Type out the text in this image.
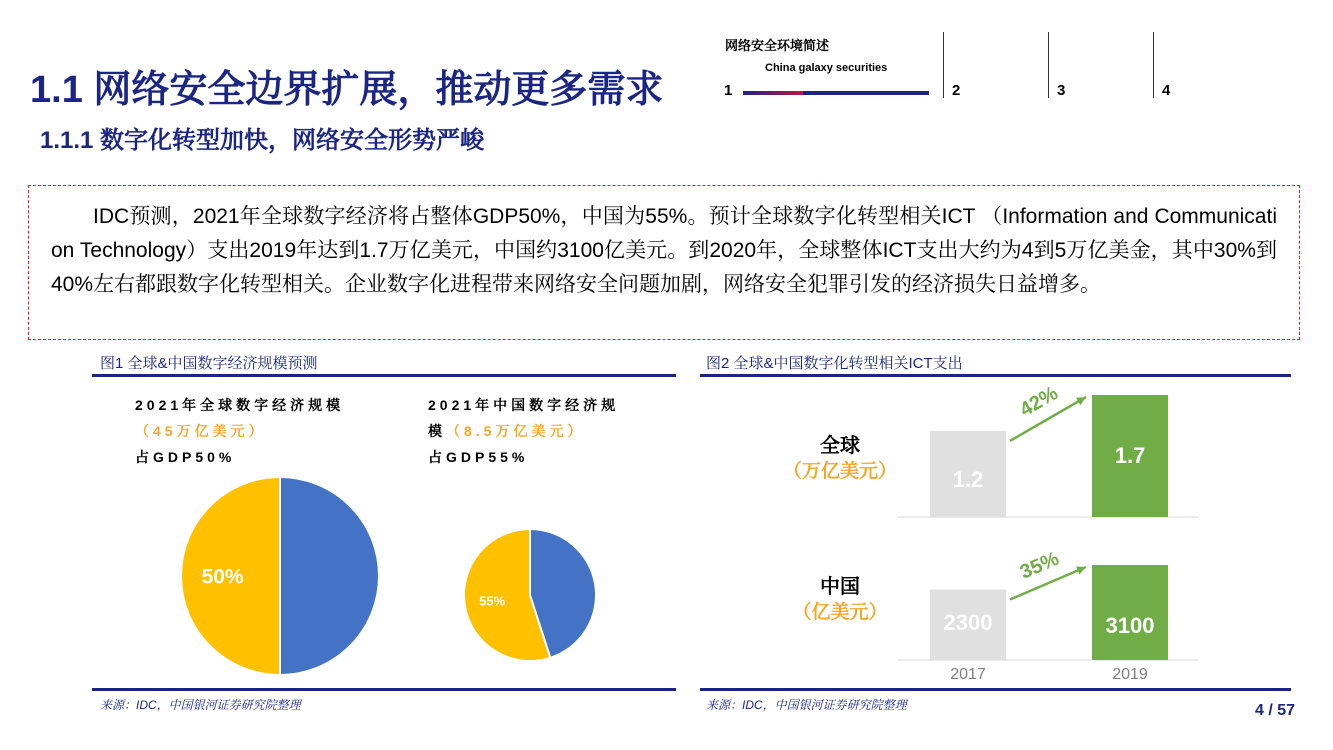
1.1 网络安全边界扩展，推动更多需求
1.1.1 数字化转型加快，网络安全形势严峻
网络安全环境简述
China galaxy securities
1	2	3	4

IDC预测，2021年全球数字经济将占整体GDP50%，中国为55%。预计全球数字化转型相关ICT （Information and Communication Technology）支出2019年达到1.7万亿美元，中国约3100亿美元。到2020年，全球整体ICT支出大约为4到5万亿美金，其中30%到40%左右都跟数字化转型相关。企业数字化进程带来网络安全问题加剧，网络安全犯罪引发的经济损失日益增多。

图1 全球&中国数字经济规模预测
2021年全球数字经济规模
（45万亿美元）
占GDP50%
2021年中国数字经济规
模（8.5万亿美元）
占GDP55%
50%
55%
来源：IDC，中国银河证券研究院整理
图2 全球&中国数字化转型相关ICT支出
全球
（万亿美元）
中国
（亿美元）
1.2
1.7
42%
2300	3100
35%
2017	2019
来源：IDC，中国银河证券研究院整理	4 / 57
